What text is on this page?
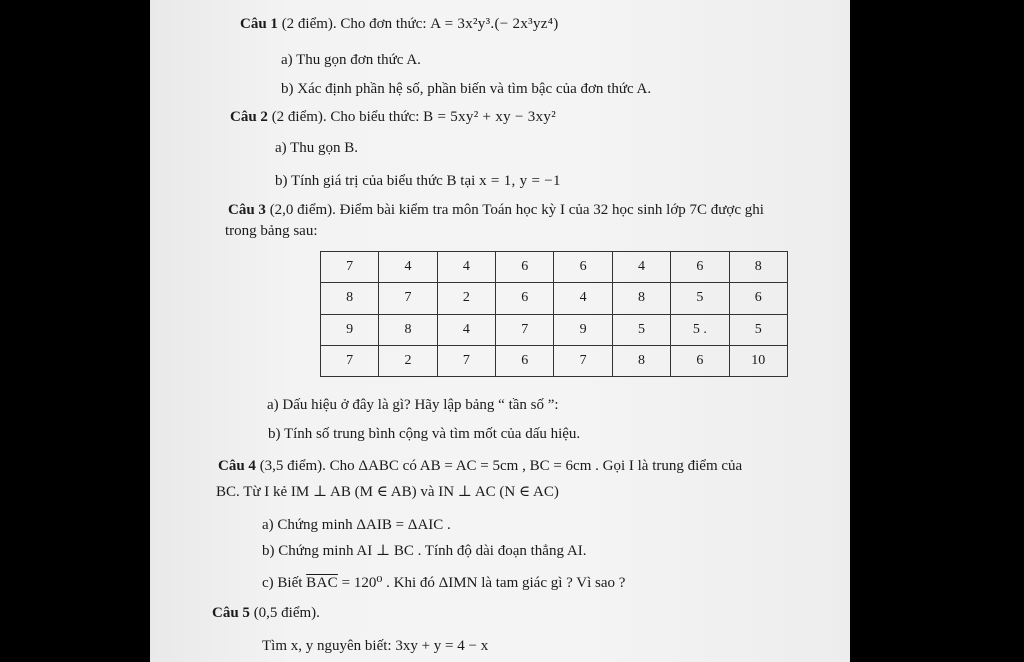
Câu 1 (2 điểm). Cho đơn thức: A = 3x²y³.(− 2x³yz⁴)
a) Thu gọn đơn thức A.
b) Xác định phần hệ số, phần biến và tìm bậc của đơn thức A.
Câu 2 (2 điểm). Cho biểu thức: B = 5xy² + xy − 3xy²
a) Thu gọn B.
b) Tính giá trị của biểu thức B tại x = 1, y = −1
Câu 3 (2,0 điểm). Điểm bài kiểm tra môn Toán học kỳ I của 32 học sinh lớp 7C được ghi
trong bảng sau:
7	4	4	6	6	4	6	8
8	7	2	6	4	8	5	6
9	8	4	7	9	5	5 .	5
7	2	7	6	7	8	6	10
a) Dấu hiệu ở đây là gì? Hãy lập bảng “ tần số ”:
b) Tính số trung bình cộng và tìm mốt của dấu hiệu.
Câu 4 (3,5 điểm). Cho ΔABC có AB = AC = 5cm , BC = 6cm . Gọi I là trung điểm của
BC. Từ I kẻ IM ⊥ AB (M ∈ AB) và IN ⊥ AC (N ∈ AC)
a) Chứng minh ΔAIB = ΔAIC .
b) Chứng minh AI ⊥ BC . Tính độ dài đoạn thẳng AI.
c) Biết $\overline{BAC} = 120^0$ . Khi đó ΔIMN là tam giác gì ? Vì sao ?
Câu 5 (0,5 điểm).
Tìm x, y nguyên biết: 3xy + y = 4 − x
